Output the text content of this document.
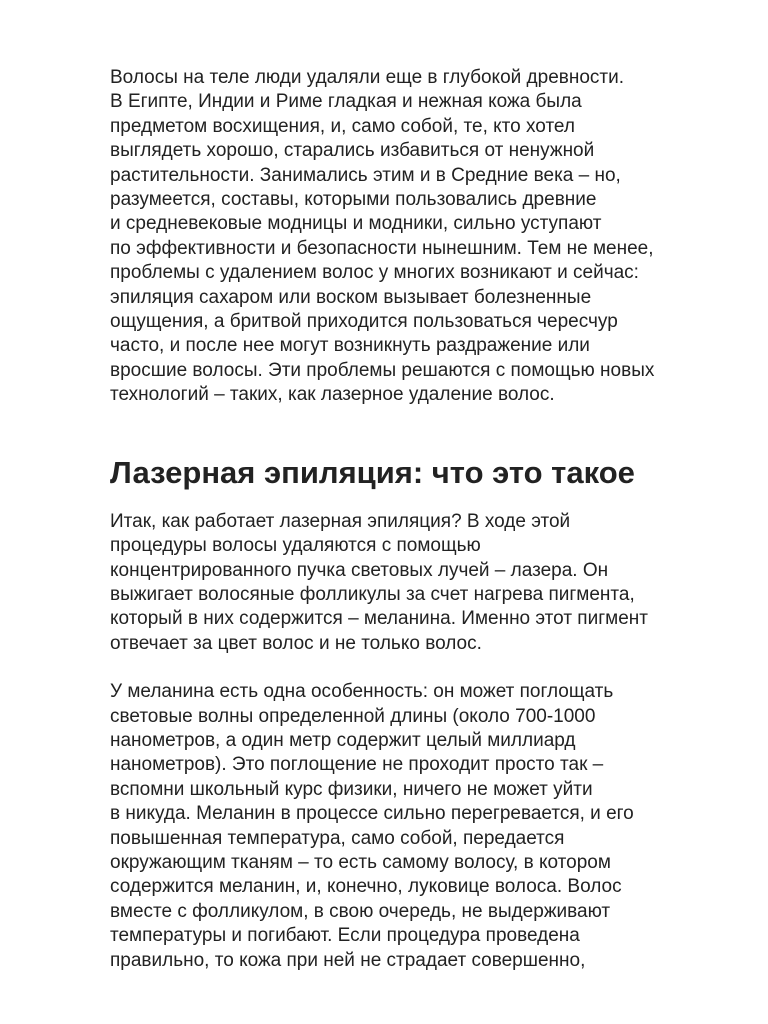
Волосы на теле люди удаляли еще в глубокой древности.
В Египте, Индии и Риме гладкая и нежная кожа была
предметом восхищения, и, само собой, те, кто хотел
выглядеть хорошо, старались избавиться от ненужной
растительности. Занимались этим и в Средние века – но,
разумеется, составы, которыми пользовались древние
и средневековые модницы и модники, сильно уступают
по эффективности и безопасности нынешним. Тем не менее,
проблемы с удалением волос у многих возникают и сейчас:
эпиляция сахаром или воском вызывает болезненные
ощущения, а бритвой приходится пользоваться чересчур
часто, и после нее могут возникнуть раздражение или
вросшие волосы. Эти проблемы решаются с помощью новых
технологий – таких, как лазерное удаление волос.

Лазерная эпиляция: что это такое

Итак, как работает лазерная эпиляция? В ходе этой
процедуры волосы удаляются с помощью
концентрированного пучка световых лучей – лазера. Он
выжигает волосяные фолликулы за счет нагрева пигмента,
который в них содержится – меланина. Именно этот пигмент
отвечает за цвет волос и не только волос.

У меланина есть одна особенность: он может поглощать
световые волны определенной длины (около 700-1000
нанометров, а один метр содержит целый миллиард
нанометров). Это поглощение не проходит просто так –
вспомни школьный курс физики, ничего не может уйти
в никуда. Меланин в процессе сильно перегревается, и его
повышенная температура, само собой, передается
окружающим тканям – то есть самому волосу, в котором
содержится меланин, и, конечно, луковице волоса. Волос
вместе с фолликулом, в свою очередь, не выдерживают
температуры и погибают. Если процедура проведена
правильно, то кожа при ней не страдает совершенно,
